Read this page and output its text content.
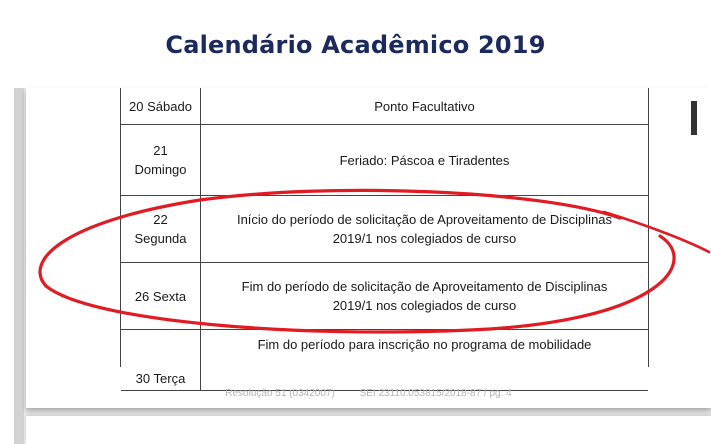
Calendário Acadêmico 2019
20 Sábado	Ponto Facultativo
21
Domingo
Feriado: Páscoa e Tiradentes
22
Segunda
Início do período de solicitação de Aproveitamento de Disciplinas
2019/1 nos colegiados de curso
26 Sexta
Fim do período de solicitação de Aproveitamento de Disciplinas
2019/1 nos colegiados de curso
30 Terça
Fim do período para inscrição no programa de mobilidade
Resolução 51 (0342007) SEI 23110.053815/2018-87 / pg. 4
